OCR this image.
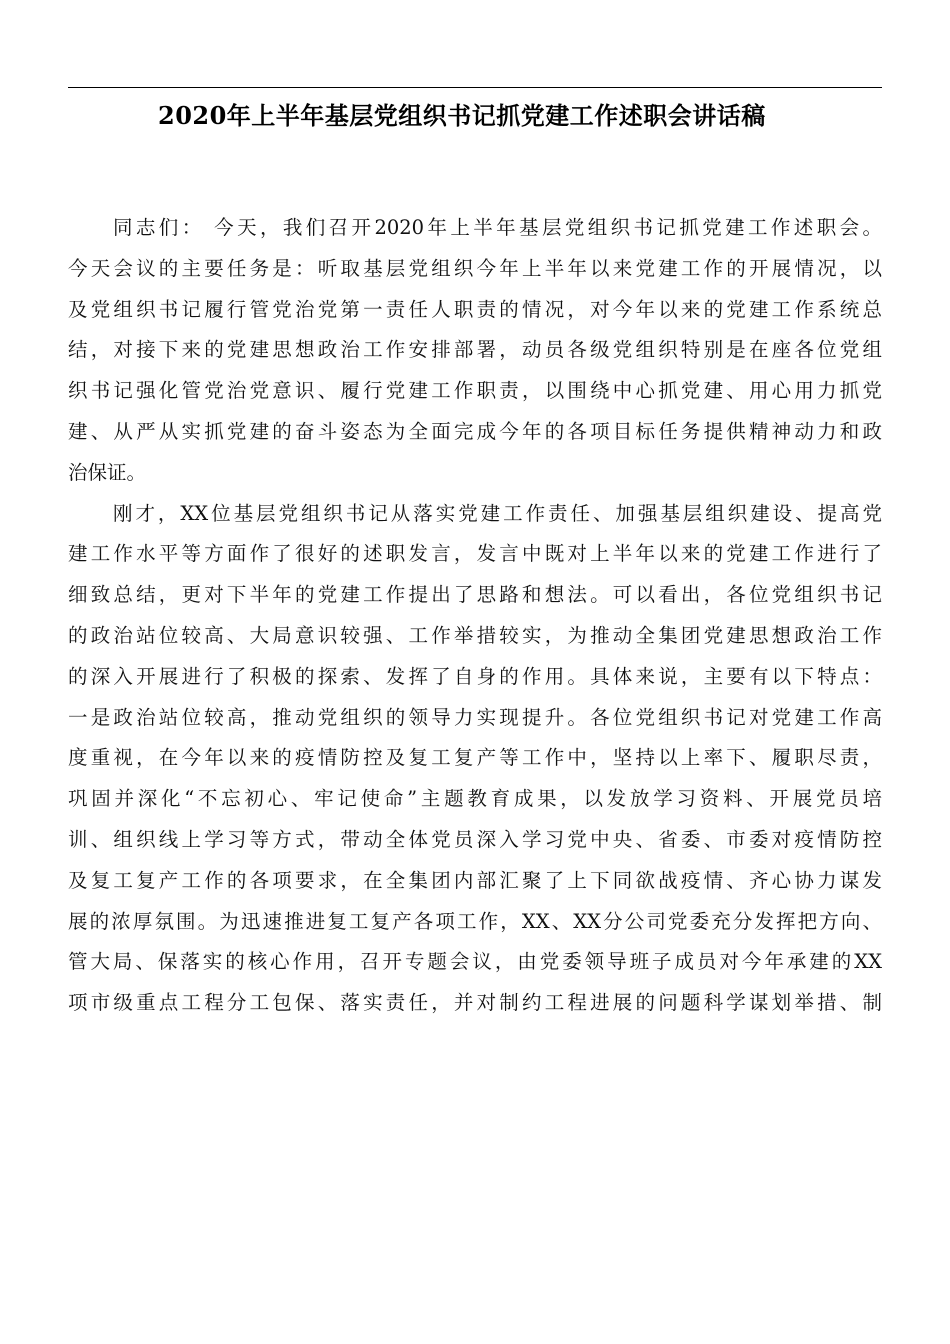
2020年上半年基层党组织书记抓党建工作述职会讲话稿
同志们： 今天，我们召开2020年上半年基层党组织书记抓党建工作述职会。
今天会议的主要任务是：听取基层党组织今年上半年以来党建工作的开展情况，以
及党组织书记履行管党治党第一责任人职责的情况，对今年以来的党建工作系统总
结，对接下来的党建思想政治工作安排部署，动员各级党组织特别是在座各位党组
织书记强化管党治党意识、履行党建工作职责，以围绕中心抓党建、用心用力抓党
建、从严从实抓党建的奋斗姿态为全面完成今年的各项目标任务提供精神动力和政
治保证。
刚才，XX位基层党组织书记从落实党建工作责任、加强基层组织建设、提高党
建工作水平等方面作了很好的述职发言，发言中既对上半年以来的党建工作进行了
细致总结，更对下半年的党建工作提出了思路和想法。可以看出，各位党组织书记
的政治站位较高、大局意识较强、工作举措较实，为推动全集团党建思想政治工作
的深入开展进行了积极的探索、发挥了自身的作用。具体来说，主要有以下特点：
一是政治站位较高，推动党组织的领导力实现提升。各位党组织书记对党建工作高
度重视，在今年以来的疫情防控及复工复产等工作中，坚持以上率下、履职尽责，
巩固并深化“不忘初心、牢记使命”主题教育成果，以发放学习资料、开展党员培
训、组织线上学习等方式，带动全体党员深入学习党中央、省委、市委对疫情防控
及复工复产工作的各项要求，在全集团内部汇聚了上下同欲战疫情、齐心协力谋发
展的浓厚氛围。为迅速推进复工复产各项工作，XX、XX分公司党委充分发挥把方向、
管大局、保落实的核心作用，召开专题会议，由党委领导班子成员对今年承建的XX
项市级重点工程分工包保、落实责任，并对制约工程进展的问题科学谋划举措、制
